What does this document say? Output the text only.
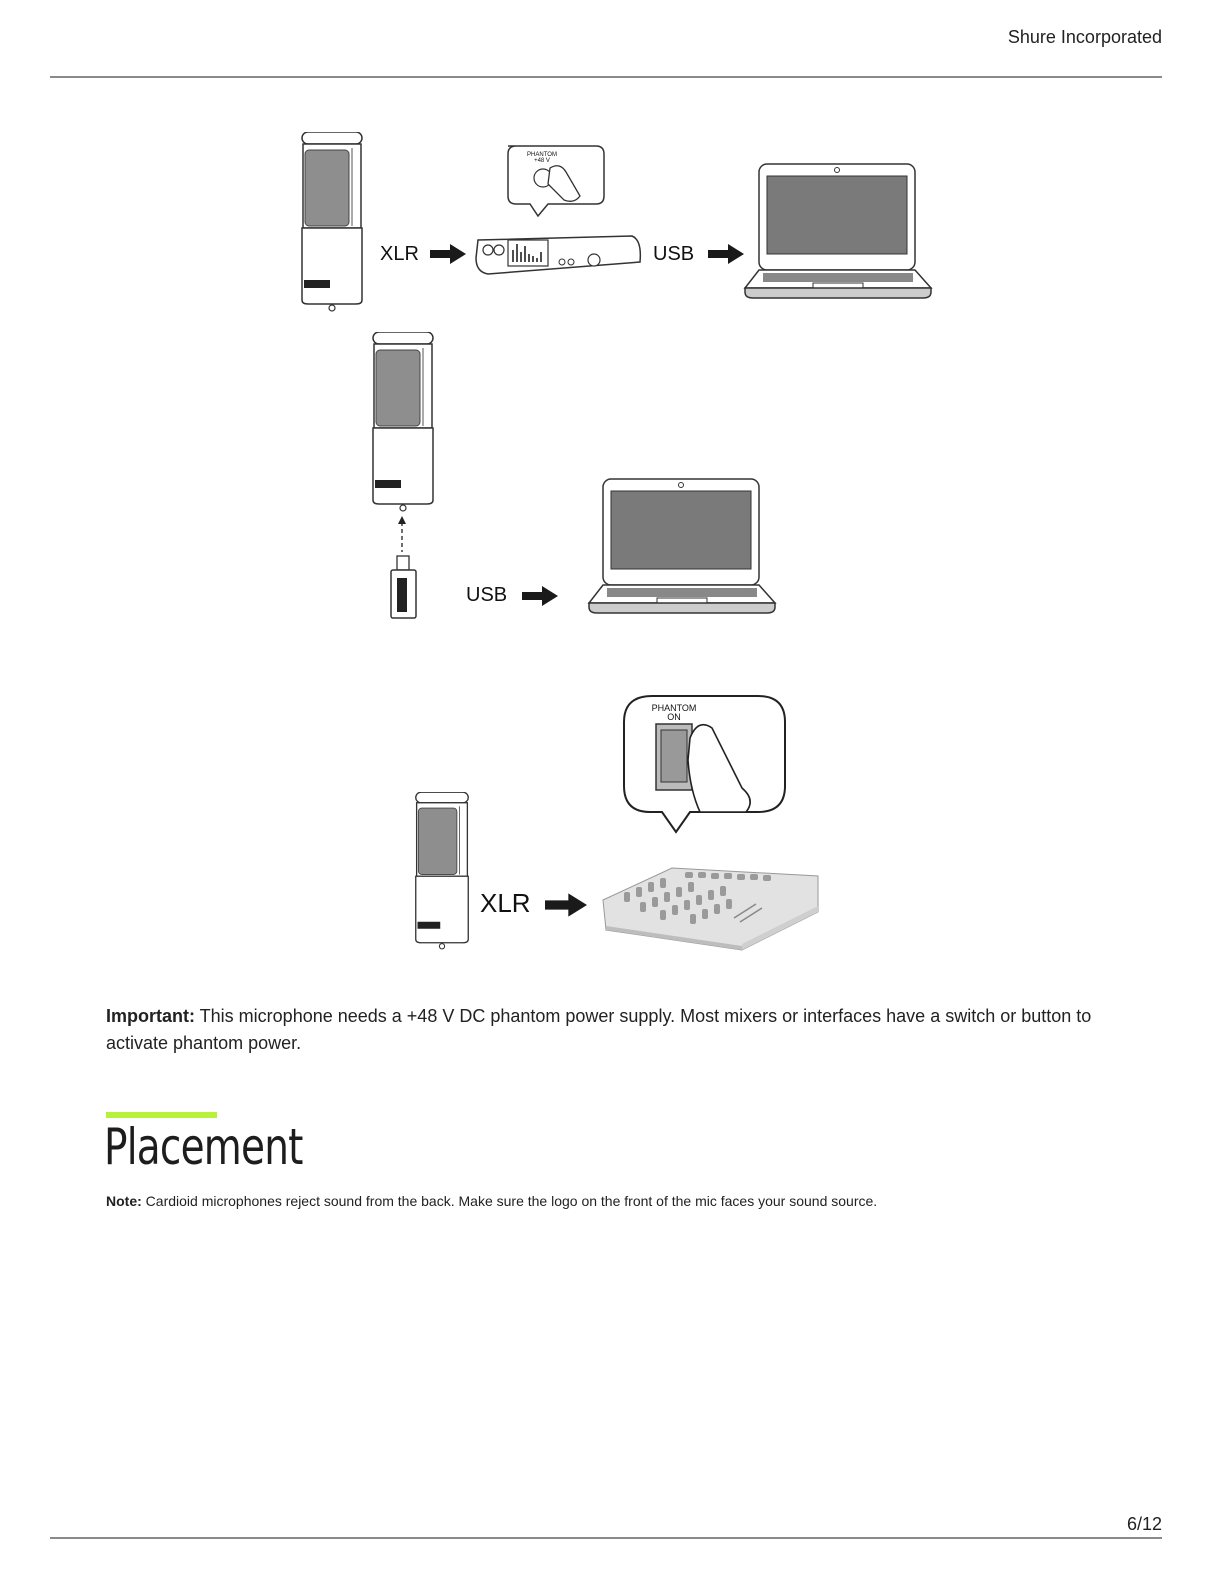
Shure Incorporated
XLR
PHANTOM
+48 V
USB
USB
XLR
PHANTOM
ON
Important: This microphone needs a +48 V DC phantom power supply. Most mixers or interfaces have a switch or button to activate phantom power.
Placement
Note: Cardioid microphones reject sound from the back. Make sure the logo on the front of the mic faces your sound source.
6/12
